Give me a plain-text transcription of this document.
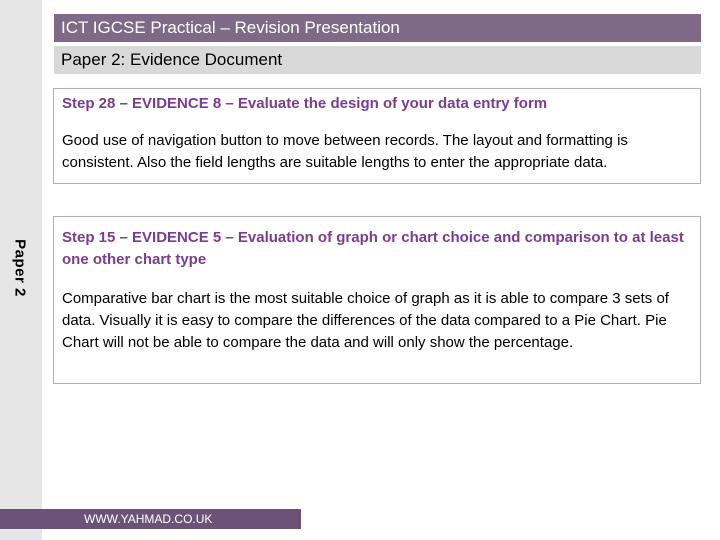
Paper 2
ICT IGCSE Practical – Revision Presentation
Paper 2: Evidence Document
Step 28 – EVIDENCE 8 – Evaluate the design of your data entry form
Good use of navigation button to move between records. The layout and formatting is consistent. Also the field lengths are suitable lengths to enter the appropriate data.
Step 15 – EVIDENCE 5 – Evaluation of graph or chart choice and comparison to at least one other chart type
Comparative bar chart is the most suitable choice of graph as it is able to compare 3 sets of data. Visually it is easy to compare the differences of the data compared to a Pie Chart. Pie Chart will not be able to compare the data and will only show the percentage.
WWW.YAHMAD.CO.UK
